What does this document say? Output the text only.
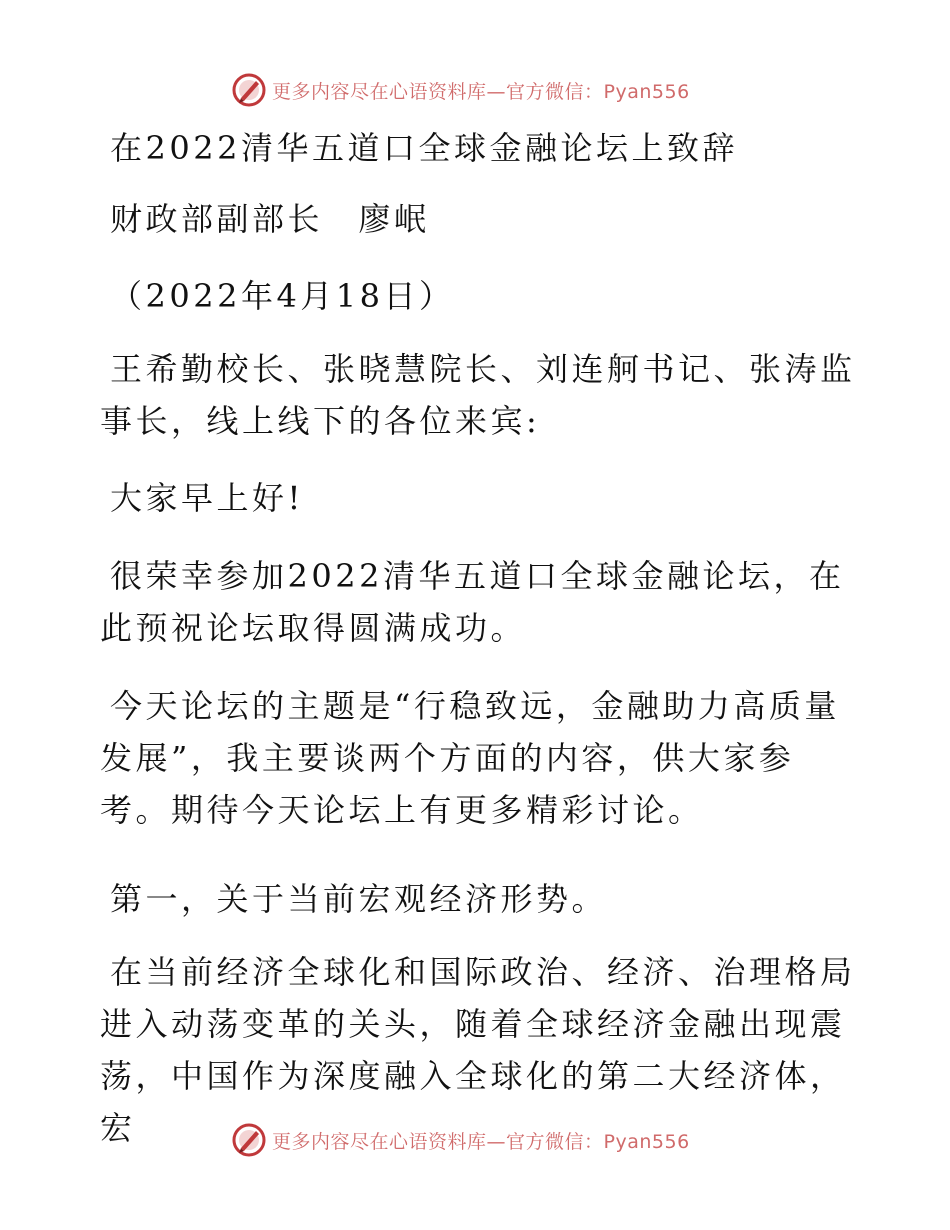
更多内容尽在心语资料库—官方微信：Pyan556

在2022清华五道口全球金融论坛上致辞

财政部副部长　廖岷

（2022年4月18日）

王希勤校长、张晓慧院长、刘连舸书记、张涛监事长，线上线下的各位来宾:

大家早上好!

很荣幸参加2022清华五道口全球金融论坛，在此预祝论坛取得圆满成功。

今天论坛的主题是“行稳致远，金融助力高质量发展”，我主要谈两个方面的内容，供大家参考。期待今天论坛上有更多精彩讨论。

第一，关于当前宏观经济形势。

在当前经济全球化和国际政治、经济、治理格局进入动荡变革的关头，随着全球经济金融出现震荡，中国作为深度融入全球化的第二大经济体，宏	更多内容尽在心语资料库—官方微信：Pyan556
